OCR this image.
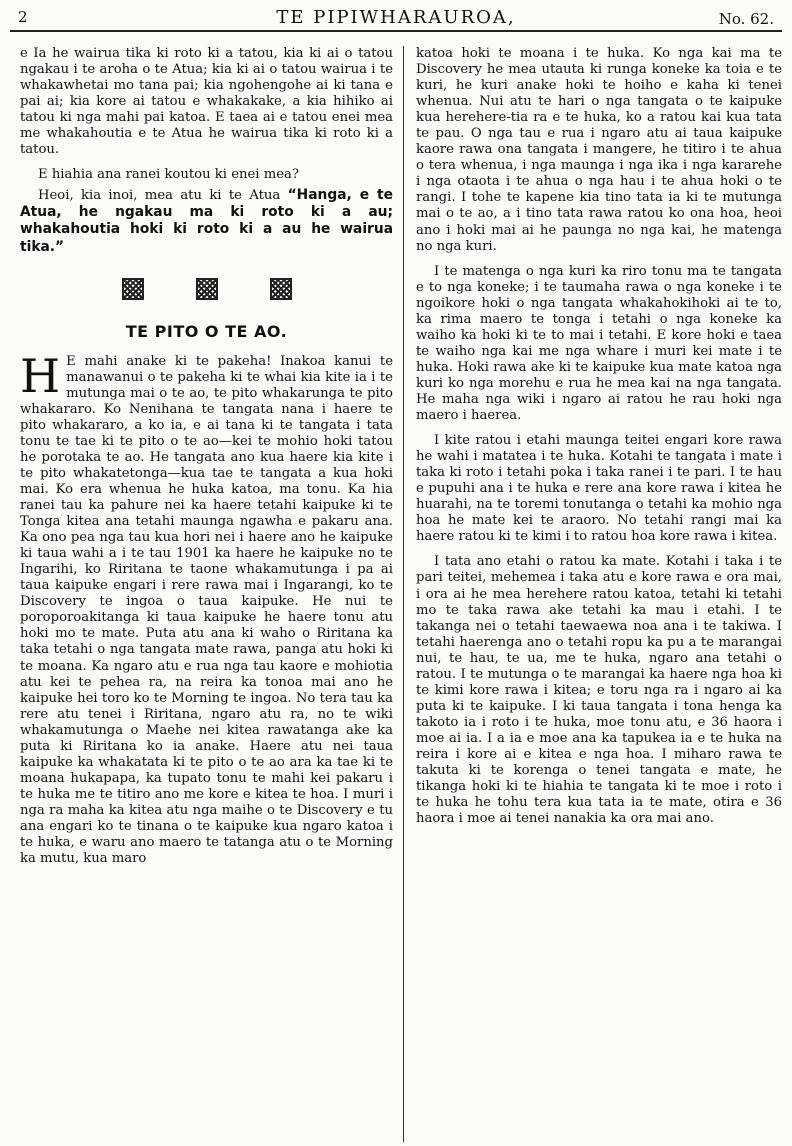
2	TE PIPIWHARAUROA,	No. 62.

e Ia he wairua tika ki roto ki a tatou, kia ki ai o tatou ngakau i te aroha o te Atua; kia ki ai o tatou wairua i te whakawhetai mo tana pai; kia ngohengohe ai ki tana e pai ai; kia kore ai tatou e whakakake, a kia hihiko ai tatou ki nga mahi pai katoa. E taea ai e tatou enei mea me whakahoutia e te Atua he wairua tika ki roto ki a tatou.

E hiahia ana ranei koutou ki enei mea?

Heoi, kia inoi, mea atu ki te Atua “Hanga, e te Atua, he ngakau ma ki roto ki a au; whakahoutia hoki ki roto ki a au he wairua tika.”

TE PITO O TE AO.

H E mahi anake ki te pakeha! Inakoa kanui te manawanui o te pakeha ki te whai kia kite ia i te mutunga mai o te ao, te pito whakarunga te pito whakararo. Ko Nenihana te tangata nana i haere te pito whakararo, a ko ia, e ai tana ki te tangata i tata tonu te tae ki te pito o te ao—kei te mohio hoki tatou he porotaka te ao. He tangata ano kua haere kia kite i te pito whakatetonga—kua tae te tangata a kua hoki mai. Ko era whenua he huka katoa, ma tonu. Ka hia ranei tau ka pahure nei ka haere tetahi kaipuke ki te Tonga kitea ana tetahi maunga ngawha e pakaru ana. Ka ono pea nga tau kua hori nei i haere ano he kaipuke ki taua wahi a i te tau 1901 ka haere he kaipuke no te Ingarihi, ko Riritana te taone whakamutunga i pa ai taua kaipuke engari i rere rawa mai i Ingarangi, ko te Discovery te ingoa o taua kaipuke. He nui te poroporoakitanga ki taua kaipuke he haere tonu atu hoki mo te mate. Puta atu ana ki waho o Riritana ka taka tetahi o nga tangata mate rawa, panga atu hoki ki te moana. Ka ngaro atu e rua nga tau kaore e mohiotia atu kei te pehea ra, na reira ka tonoa mai ano he kaipuke hei toro ko te Morning te ingoa. No tera tau ka rere atu tenei i Riritana, ngaro atu ra, no te wiki whakamutunga o Maehe nei kitea rawatanga ake ka puta ki Riritana ko ia anake. Haere atu nei taua kaipuke ka whakatata ki te pito o te ao ara ka tae ki te moana hukapapa, ka tupato tonu te mahi kei pakaru i te huka me te titiro ano me kore e kitea te hoa. I muri i nga ra maha ka kitea atu nga maihe o te Discovery e tu ana engari ko te tinana o te kaipuke kua ngaro katoa i te huka, e waru ano maero te tatanga atu o te Morning ka mutu, kua maro

katoa hoki te moana i te huka. Ko nga kai ma te Discovery he mea utauta ki runga koneke ka toia e te kuri, he kuri anake hoki te hoiho e kaha ki tenei whenua. Nui atu te hari o nga tangata o te kaipuke kua herehere-tia ra e te huka, ko a ratou kai kua tata te pau. O nga tau e rua i ngaro atu ai taua kaipuke kaore rawa ona tangata i mangere, he titiro i te ahua o tera whenua, i nga maunga i nga ika i nga kararehe i nga otaota i te ahua o nga hau i te ahua hoki o te rangi. I tohe te kapene kia tino tata ia ki te mutunga mai o te ao, a i tino tata rawa ratou ko ona hoa, heoi ano i hoki mai ai he paunga no nga kai, he matenga no nga kuri.

I te matenga o nga kuri ka riro tonu ma te tangata e to nga koneke; i te taumaha rawa o nga koneke i te ngoikore hoki o nga tangata whakahokihoki ai te to, ka rima maero te tonga i tetahi o nga koneke ka waiho ka hoki ki te to mai i tetahi. E kore hoki e taea te waiho nga kai me nga whare i muri kei mate i te huka. Hoki rawa ake ki te kaipuke kua mate katoa nga kuri ko nga morehu e rua he mea kai na nga tangata. He maha nga wiki i ngaro ai ratou he rau hoki nga maero i haerea.

I kite ratou i etahi maunga teitei engari kore rawa he wahi i matatea i te huka. Kotahi te tangata i mate i taka ki roto i tetahi poka i taka ranei i te pari. I te hau e pupuhi ana i te huka e rere ana kore rawa i kitea he huarahi, na te toremi tonutanga o tetahi ka mohio nga hoa he mate kei te araoro. No tetahi rangi mai ka haere ratou ki te kimi i to ratou hoa kore rawa i kitea.

I tata ano etahi o ratou ka mate. Kotahi i taka i te pari teitei, mehemea i taka atu e kore rawa e ora mai, i ora ai he mea herehere ratou katoa, tetahi ki tetahi mo te taka rawa ake tetahi ka mau i etahi. I te takanga nei o tetahi taewaewa noa ana i te takiwa. I tetahi haerenga ano o tetahi ropu ka pu a te marangai nui, te hau, te ua, me te huka, ngaro ana tetahi o ratou. I te mutunga o te marangai ka haere nga hoa ki te kimi kore rawa i kitea; e toru nga ra i ngaro ai ka puta ki te kaipuke. I ki taua tangata i tona henga ka takoto ia i roto i te huka, moe tonu atu, e 36 haora i moe ai ia. I a ia e moe ana ka tapukea ia e te huka na reira i kore ai e kitea e nga hoa. I miharo rawa te takuta ki te korenga o tenei tangata e mate, he tikanga hoki ki te hiahia te tangata ki te moe i roto i te huka he tohu tera kua tata ia te mate, otira e 36 haora i moe ai tenei nanakia ka ora mai ano.
